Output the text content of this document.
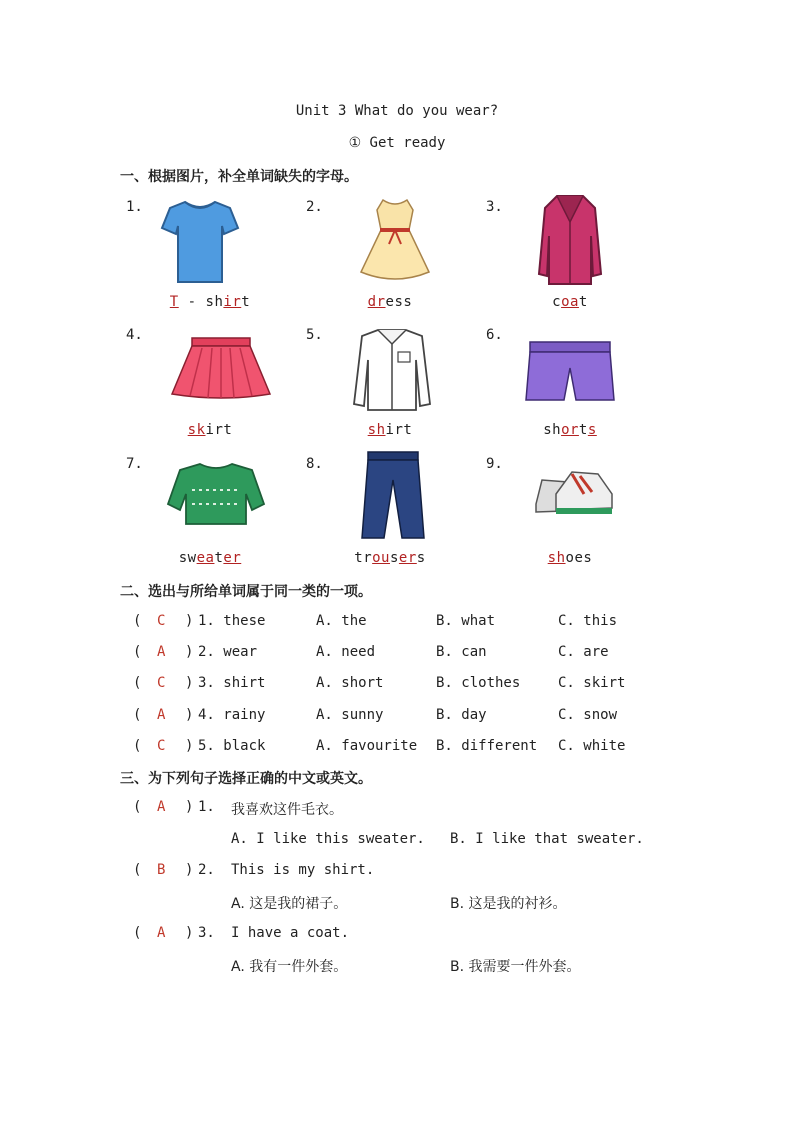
Unit 3 What do you wear?
① Get ready
一、根据图片，补全单词缺失的字母。
1.
T - shirt
2.
dress
3.
coat
4.
skirt
5.
shirt
6.
shorts
7.
sweater
8.
trousers
9.
shoes
二、选出与所给单词属于同一类的一项。
( C ) 1. these	A. the	B. what	C. this
( A ) 2. wear	A. need	B. can	C. are
( C ) 3. shirt	A. short	B. clothes	C. skirt
( A ) 4. rainy	A. sunny	B. day	C. snow
( C ) 5. black	A. favourite B. different C. white
三、为下列句子选择正确的中文或英文。
( A ) 1. 我喜欢这件毛衣。
A. I like this sweater. B. I like that sweater.
( B ) 2. This is my shirt.
A. 这是我的裙子。	B. 这是我的衬衫。
( A ) 3. I have a coat.
A. 我有一件外套。	B. 我需要一件外套。
